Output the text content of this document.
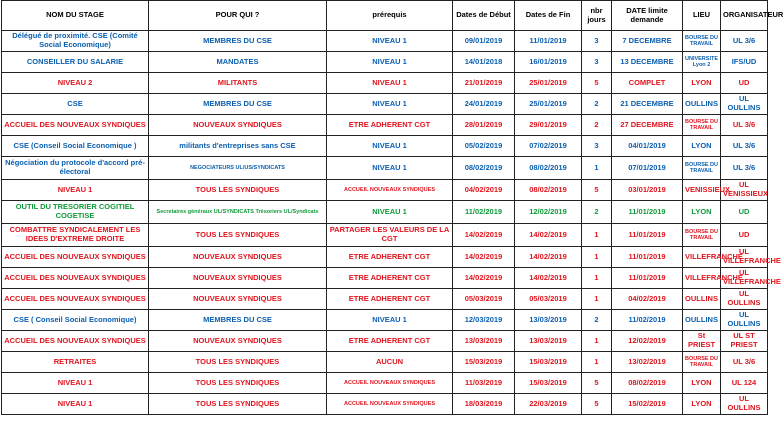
NOM DU STAGE	POUR QUI ?	prérequis	Dates de Début	Dates de Fin	nbr jours	DATE limite demande	LIEU	ORGANISATEUR
Délégué de proximité. CSE (Comité Social Economique)	MEMBRES DU CSE	NIVEAU 1	09/01/2019	11/01/2019	3	7 DECEMBRE	BOURSE DU TRAVAIL	UL 3/6
CONSEILLER DU SALARIE	MANDATES	NIVEAU 1	14/01/2018	16/01/2019	3	13 DECEMBRE	UNIVERSITE Lyon 2	IFS/UD
NIVEAU 2	MILITANTS	NIVEAU 1	21/01/2019	25/01/2019	5	COMPLET	LYON	UD
CSE	MEMBRES DU CSE	NIVEAU 1	24/01/2019	25/01/2019	2	21 DECEMBRE	OULLINS	UL OULLINS
ACCUEIL DES NOUVEAUX SYNDIQUES	NOUVEAUX SYNDIQUES	ETRE ADHERENT CGT	28/01/2019	29/01/2019	2	27 DECEMBRE	BOURSE DU TRAVAIL	UL 3/6
CSE (Conseil Social Economique )	militants d'entreprises sans CSE	NIVEAU 1	05/02/2019	07/02/2019	3	04/01/2019	LYON	UL 3/6
Négociation du protocole d'accord pré-électoral	NEGOCIATEURS UL/US/SYNDICATS	NIVEAU 1	08/02/2019	08/02/2019	1	07/01/2019	BOURSE DU TRAVAIL	UL 3/6
NIVEAU 1	TOUS LES SYNDIQUES	ACCUEIL NOUVEAUX SYNDIQUES	04/02/2019	08/02/2019	5	03/01/2019	VENISSIEUX	UL VENISSIEUX
OUTIL DU TRESORIER COGITIEL COGETISE	Secretaires généraux UL/SYNDICATS Trésoriers UL/Syndicats	NIVEAU 1	11/02/2019	12/02/2019	2	11/01/2019	LYON	UD
COMBATTRE SYNDICALEMENT LES IDEES D'EXTREME DROITE	TOUS LES SYNDIQUES	PARTAGER LES VALEURS DE LA CGT	14/02/2019	14/02/2019	1	11/01/2019	BOURSE DU TRAVAIL	UD
ACCUEIL DES NOUVEAUX SYNDIQUES	NOUVEAUX SYNDIQUES	ETRE ADHERENT CGT	14/02/2019	14/02/2019	1	11/01/2019	VILLEFRANCHE	UL VILLEFRANCHE
ACCUEIL DES NOUVEAUX SYNDIQUES	NOUVEAUX SYNDIQUES	ETRE ADHERENT CGT	14/02/2019	14/02/2019	1	11/01/2019	VILLEFRANCHE	UL VILLEFRANCHE
ACCUEIL DES NOUVEAUX SYNDIQUES	NOUVEAUX SYNDIQUES	ETRE ADHERENT CGT	05/03/2019	05/03/2019	1	04/02/2019	OULLINS	UL OULLINS
CSE ( Conseil Social Economique)	MEMBRES DU CSE	NIVEAU 1	12/03/2019	13/03/2019	2	11/02/2019	OULLINS	UL OULLINS
ACCUEIL DES NOUVEAUX SYNDIQUES	NOUVEAUX SYNDIQUES	ETRE ADHERENT CGT	13/03/2019	13/03/2019	1	12/02/2019	St PRIEST	UL ST PRIEST
RETRAITES	TOUS LES SYNDIQUES	AUCUN	15/03/2019	15/03/2019	1	13/02/2019	BOURSE DU TRAVAIL	UL 3/6
NIVEAU 1	TOUS LES SYNDIQUES	ACCUEIL NOUVEAUX SYNDIQUES	11/03/2019	15/03/2019	5	08/02/2019	LYON	UL 124
NIVEAU 1	TOUS LES SYNDIQUES	ACCUEIL NOUVEAUX SYNDIQUES	18/03/2019	22/03/2019	5	15/02/2019	LYON	UL OULLINS
